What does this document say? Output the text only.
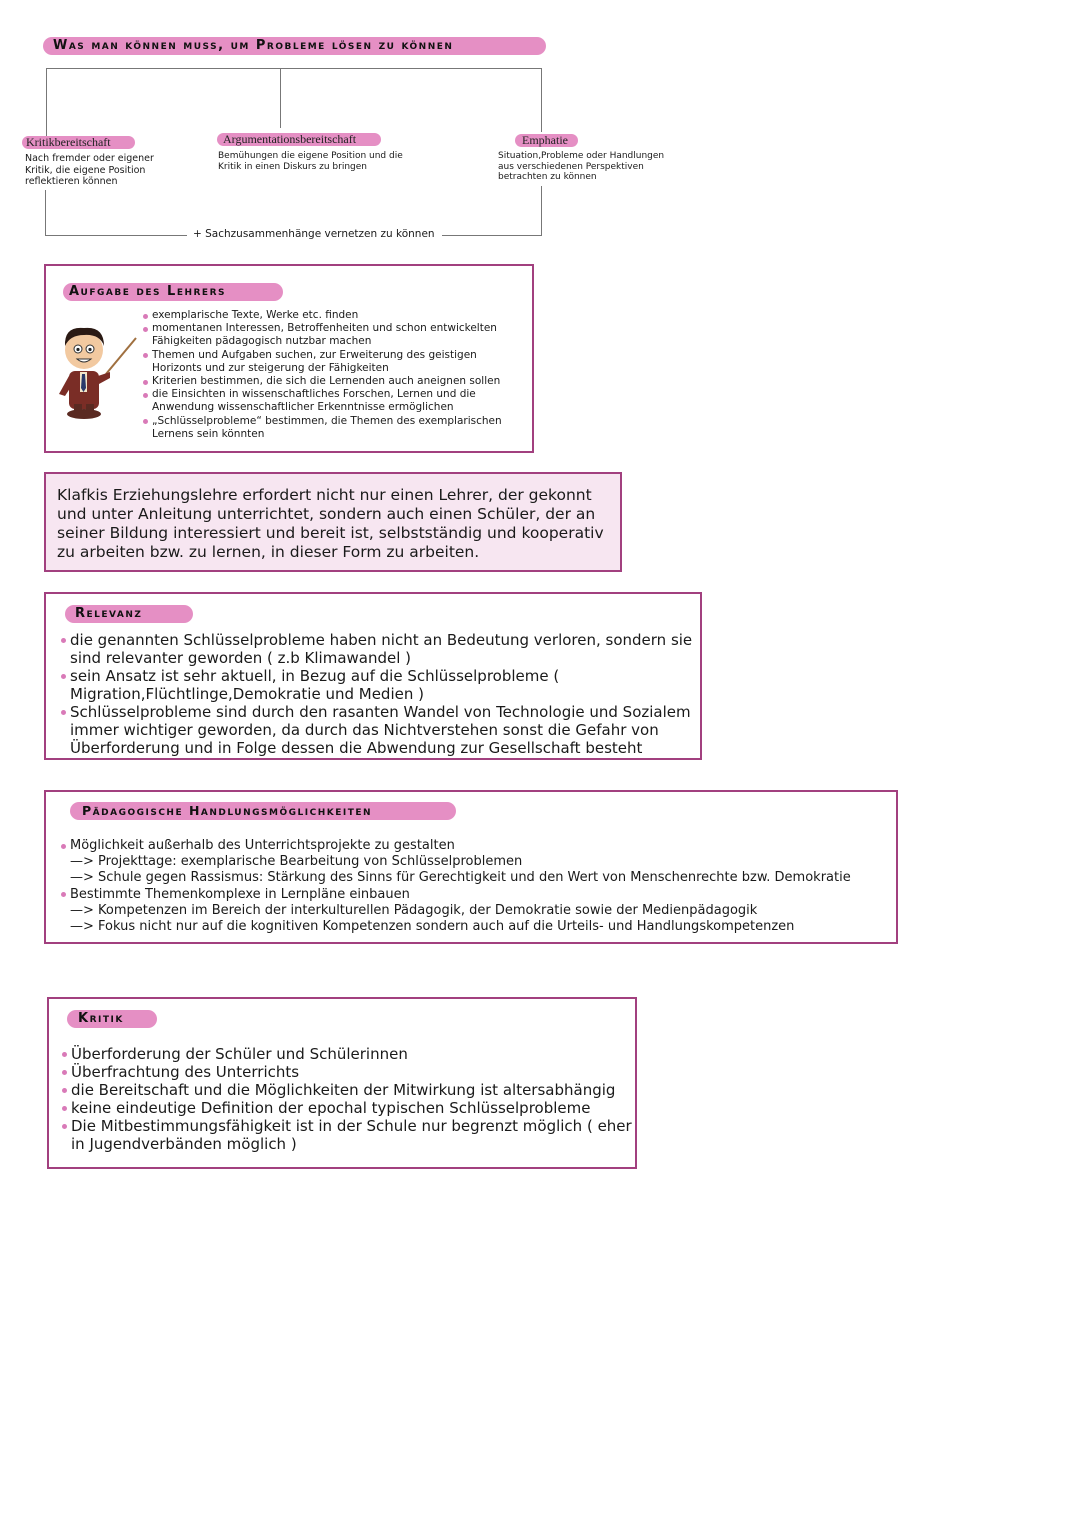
Was man können muss, um Probleme lösen zu können
Kritikbereitschaft
Nach fremder oder eigener Kritik, die eigene Position reflektieren können
Argumentationsbereitschaft
Bemühungen die eigene Position und die Kritik in einen Diskurs zu bringen
Emphatie
Situation,Probleme oder Handlungen aus verschiedenen Perspektiven betrachten zu können
+ Sachzusammenhänge vernetzen zu können
Aufgabe des Lehrers
exemplarische Texte, Werke etc. finden
momentanen Interessen, Betroffenheiten und schon entwickelten Fähigkeiten pädagogisch nutzbar machen
Themen und Aufgaben suchen, zur Erweiterung des geistigen Horizonts und zur steigerung der Fähigkeiten
Kriterien bestimmen, die sich die Lernenden auch aneignen sollen
die Einsichten in wissenschaftliches Forschen, Lernen und die Anwendung wissenschaftlicher Erkenntnisse ermöglichen
„Schlüsselprobleme“ bestimmen, die Themen des exemplarischen Lernens sein könnten
Klafkis Erziehungslehre erfordert nicht nur einen Lehrer, der gekonnt und unter Anleitung unterrichtet, sondern auch einen Schüler, der an seiner Bildung interessiert und bereit ist, selbstständig und kooperativ zu arbeiten bzw. zu lernen, in dieser Form zu arbeiten.
Relevanz
die genannten Schlüsselprobleme haben nicht an Bedeutung verloren, sondern sie sind relevanter geworden ( z.b Klimawandel )
sein Ansatz ist sehr aktuell, in Bezug auf die Schlüsselprobleme ( Migration,Flüchtlinge,Demokratie und Medien )
Schlüsselprobleme sind durch den rasanten Wandel von Technologie und Sozialem immer wichtiger geworden, da durch das Nichtverstehen sonst die Gefahr von Überforderung und in Folge dessen die Abwendung zur Gesellschaft besteht
Pädagogische Handlungsmöglichkeiten
Möglichkeit außerhalb des Unterrichtsprojekte zu gestalten
—> Projekttage: exemplarische Bearbeitung von Schlüsselproblemen
—> Schule gegen Rassismus: Stärkung des Sinns für Gerechtigkeit und den Wert von Menschenrechte bzw. Demokratie
Bestimmte Themenkomplexe in Lernpläne einbauen
—> Kompetenzen im Bereich der interkulturellen Pädagogik, der Demokratie sowie der Medienpädagogik
—> Fokus nicht nur auf die kognitiven Kompetenzen sondern auch auf die Urteils- und Handlungskompetenzen
Kritik
Überforderung der Schüler und Schülerinnen
Überfrachtung des Unterrichts
die Bereitschaft und die Möglichkeiten der Mitwirkung ist altersabhängig
keine eindeutige Definition der epochal typischen Schlüsselprobleme
Die Mitbestimmungsfähigkeit ist in der Schule nur begrenzt möglich ( eher in Jugendverbänden möglich )
